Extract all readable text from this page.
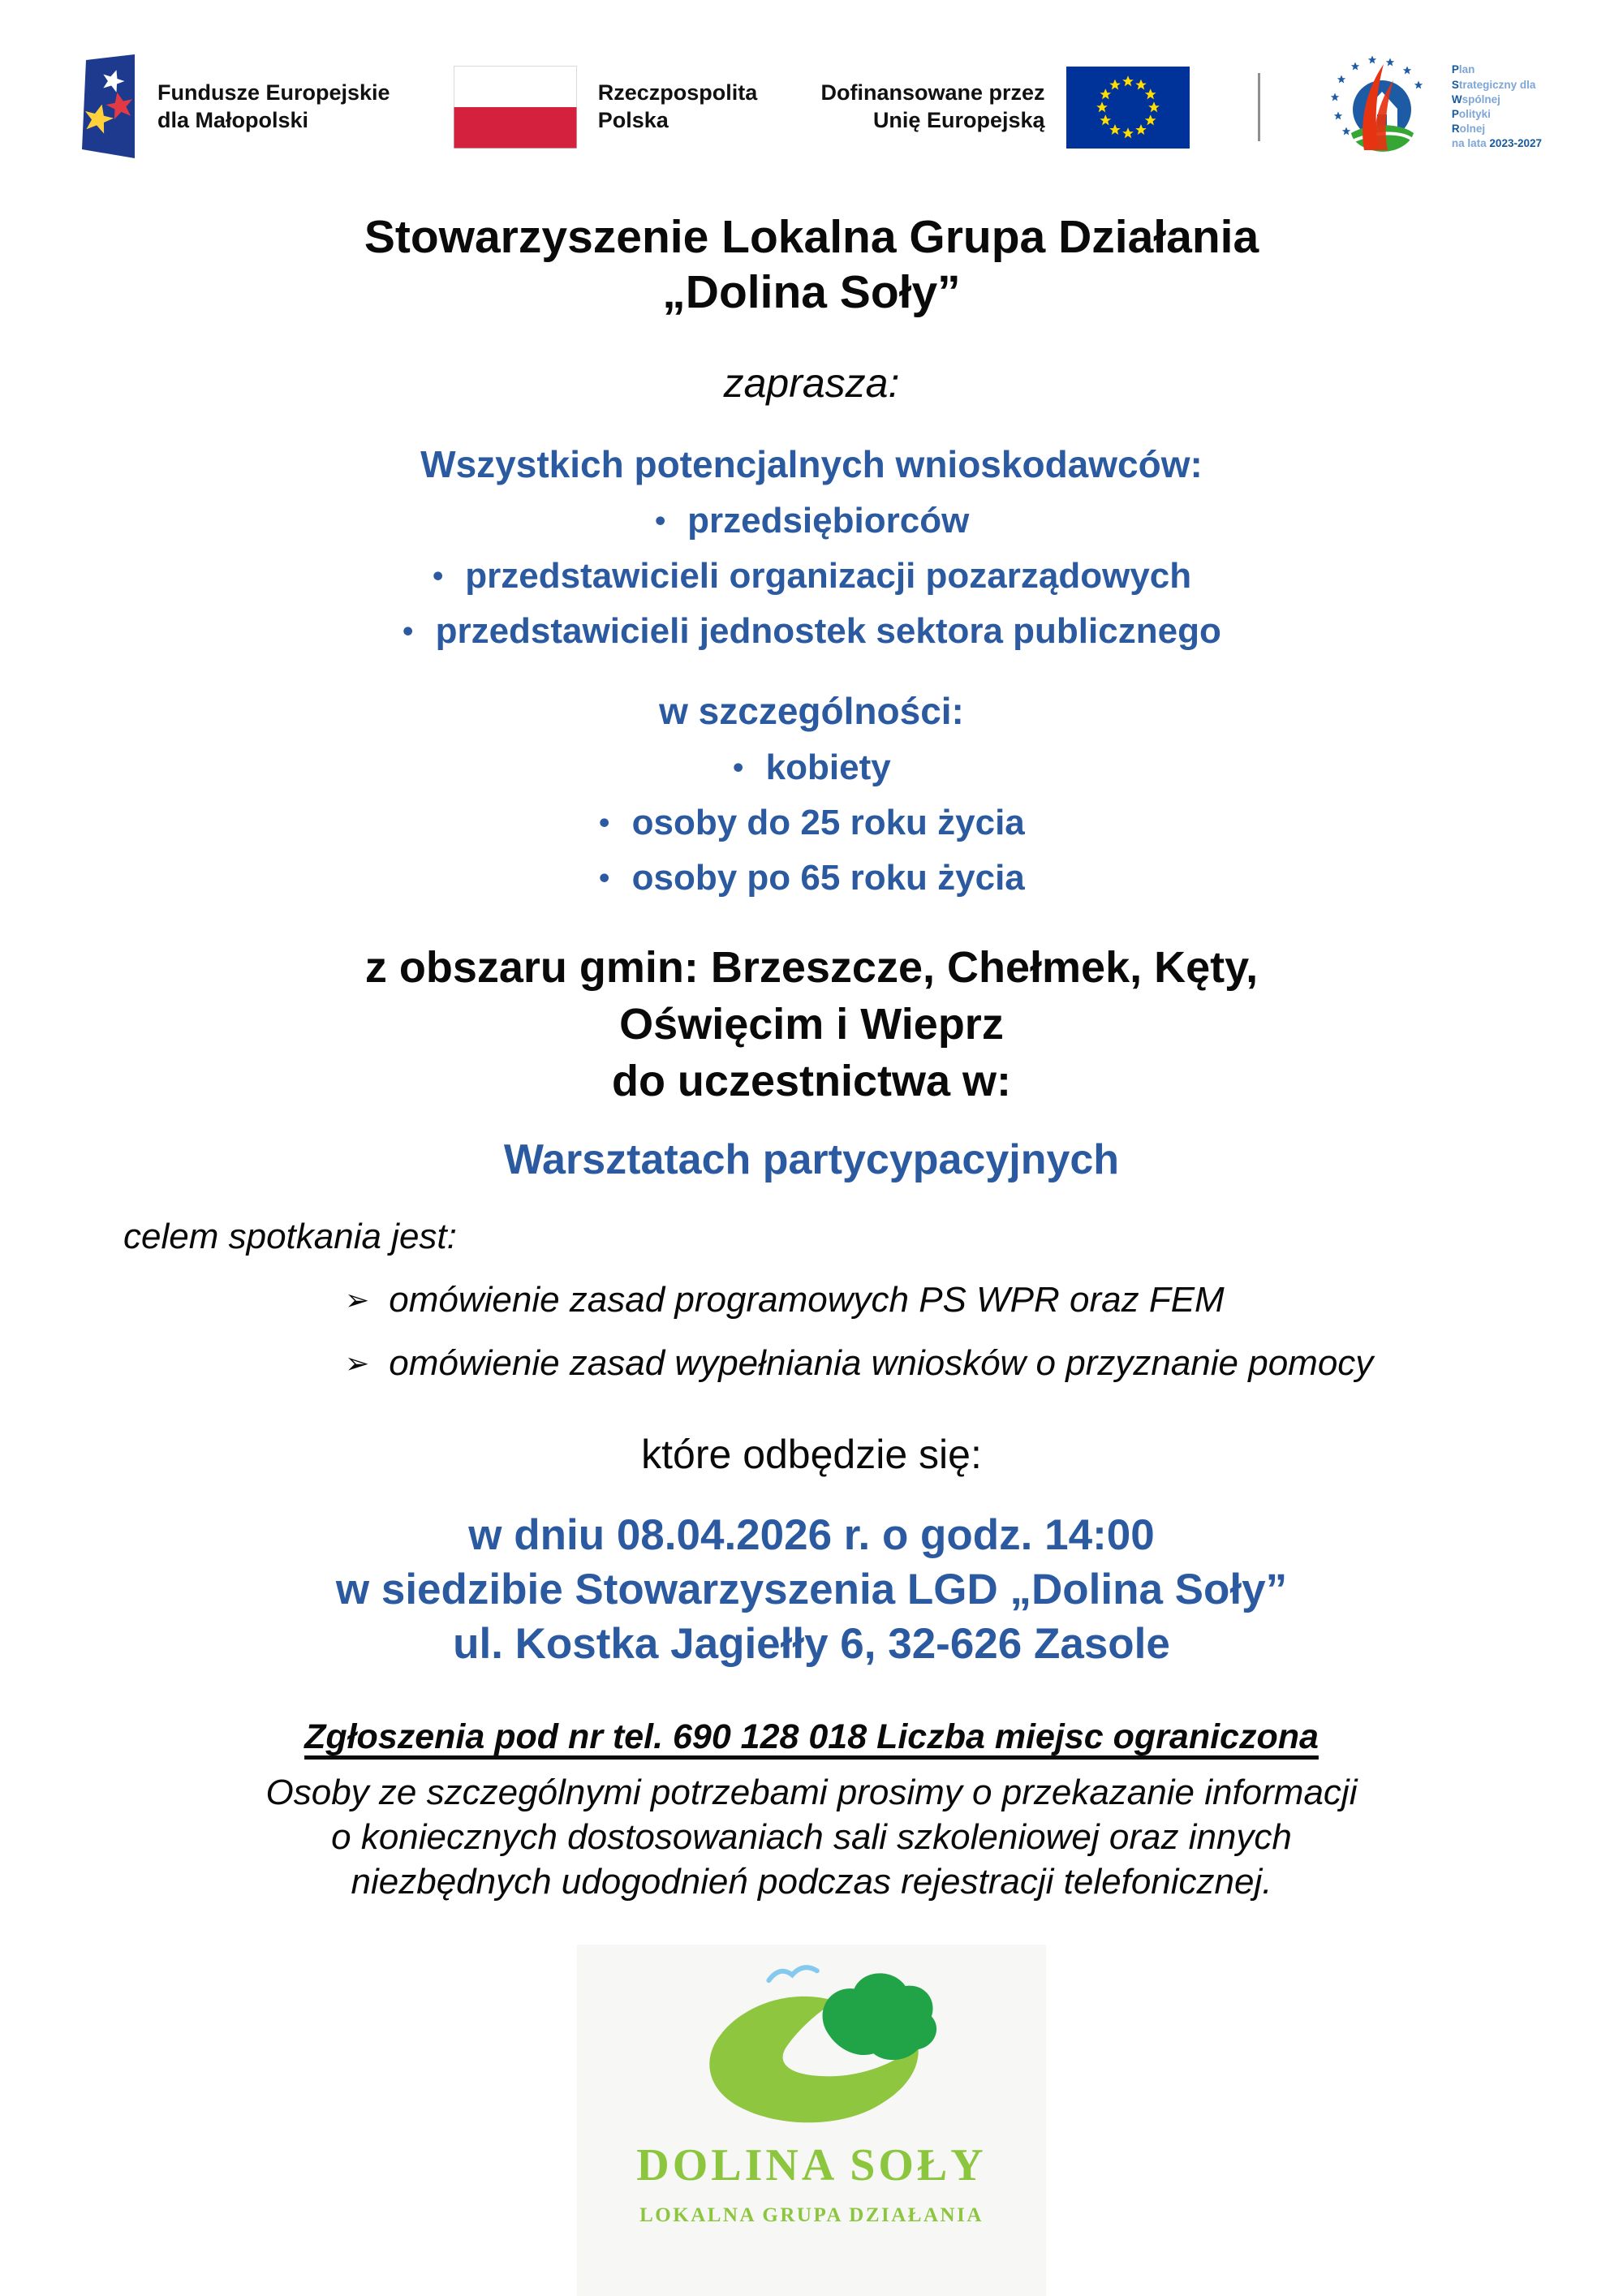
Fundusze Europejskie
dla Małopolski
Rzeczpospolita
Polska
Dofinansowane przez
Unię Europejską
Plan
Strategiczny dla
Wspólnej
Polityki
Rolnej
na lata 2023-2027
Stowarzyszenie Lokalna Grupa Działania
„Dolina Soły”
zaprasza:
Wszystkich potencjalnych wnioskodawców:
• przedsiębiorców
• przedstawicieli organizacji pozarządowych
• przedstawicieli jednostek sektora publicznego
w szczególności:
• kobiety
• osoby do 25 roku życia
• osoby po 65 roku życia
z obszaru gmin: Brzeszcze, Chełmek, Kęty,
Oświęcim i Wieprz
do uczestnictwa w:
Warsztatach partycypacyjnych
celem spotkania jest:
➢ omówienie zasad programowych PS WPR oraz FEM
➢ omówienie zasad wypełniania wniosków o przyznanie pomocy
które odbędzie się:
w dniu 08.04.2026 r. o godz. 14:00
w siedzibie Stowarzyszenia LGD „Dolina Soły”
ul. Kostka Jagiełły 6, 32-626 Zasole
Zgłoszenia pod nr tel. 690 128 018 Liczba miejsc ograniczona
Osoby ze szczególnymi potrzebami prosimy o przekazanie informacji
o koniecznych dostosowaniach sali szkoleniowej oraz innych
niezbędnych udogodnień podczas rejestracji telefonicznej.
DOLINA SOŁY
LOKALNA GRUPA DZIAŁANIA
